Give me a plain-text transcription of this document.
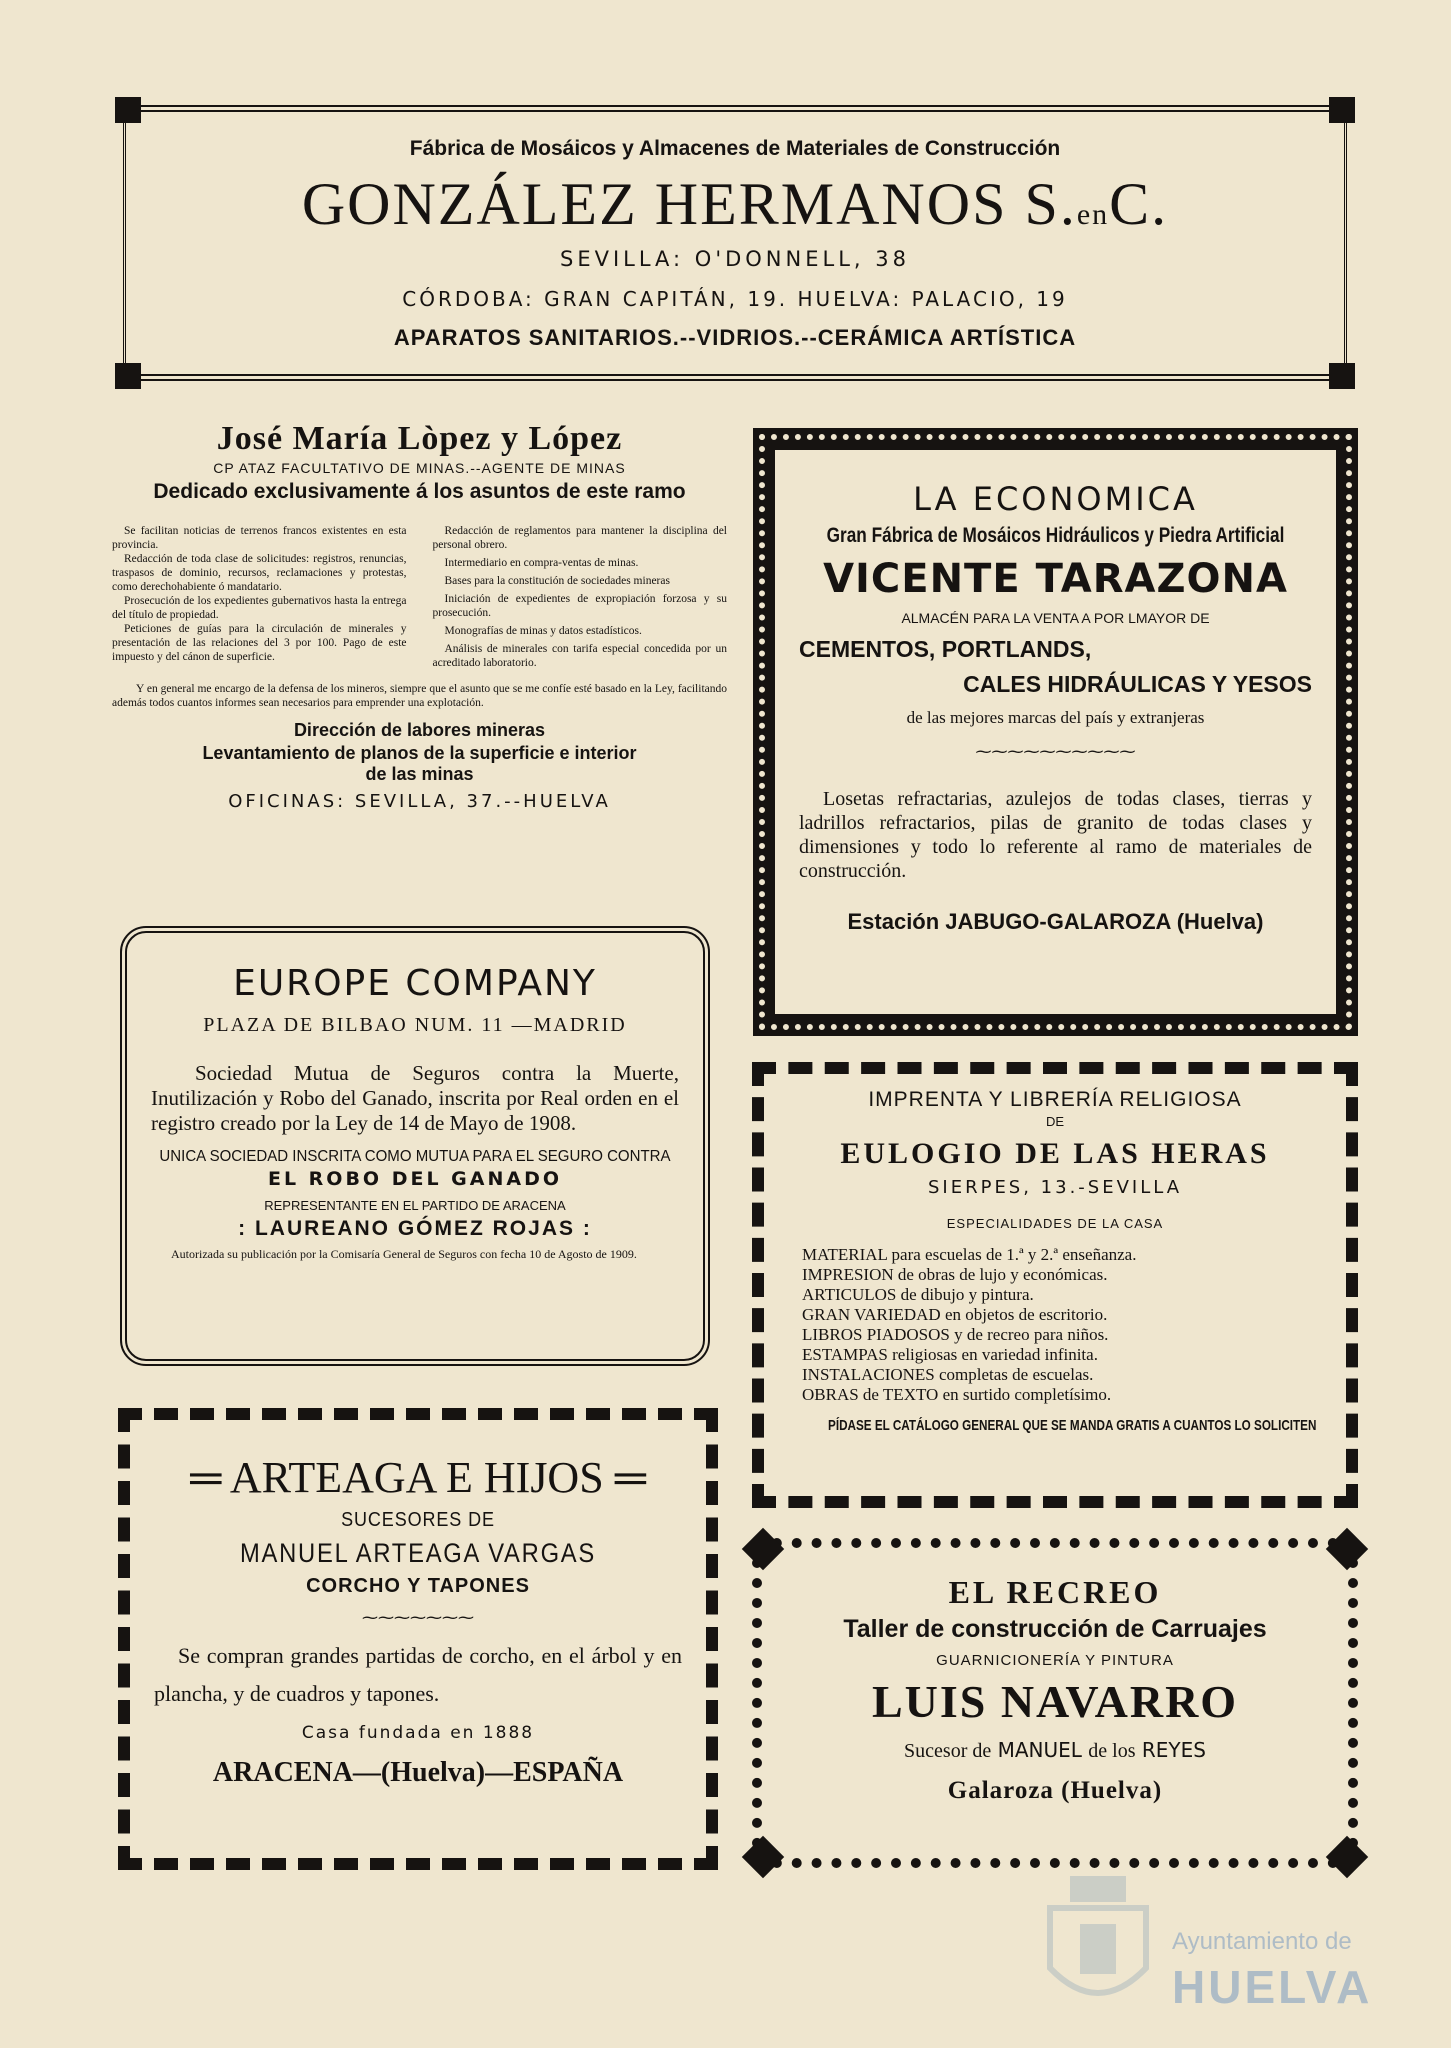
Fábrica de Mosáicos y Almacenes de Materiales de Construcción
GONZÁLEZ HERMANOS S.enC.
SEVILLA: O'DONNELL, 38
CÓRDOBA: GRAN CAPITÁN, 19. HUELVA: PALACIO, 19
APARATOS SANITARIOS.--VIDRIOS.--CERÁMICA ARTÍSTICA
José María Lòpez y López
CP ATAZ FACULTATIVO DE MINAS.--AGENTE DE MINAS
Dedicado exclusivamente á los asuntos de este ramo
Se facilitan noticias de terrenos francos existentes en esta provincia.
Redacción de toda clase de solicitudes: registros, renuncias, traspasos de dominio, recursos, reclamaciones y protestas, como derechohabiente ó mandatario.
Prosecución de los expedientes gubernativos hasta la entrega del título de propiedad.
Peticiones de guías para la circulación de minerales y presentación de las relaciones del 3 por 100. Pago de este impuesto y del cánon de superficie.
Redacción de reglamentos para mantener la disciplina del personal obrero.
Intermediario en compra-ventas de minas.
Bases para la constitución de sociedades mineras
Iniciación de expedientes de expropiación forzosa y su prosecución.
Monografías de minas y datos estadísticos.
Análisis de minerales con tarifa especial concedida por un acreditado laboratorio.
Y en general me encargo de la defensa de los mineros, siempre que el asunto que se me confíe esté basado en la Ley, facilitando además todos cuantos informes sean necesarios para emprender una explotación.
Dirección de labores mineras
Levantamiento de planos de la superficie e interior
de las minas
OFICINAS: SEVILLA, 37.--HUELVA
LA ECONOMICA
Gran Fábrica de Mosáicos Hidráulicos y Piedra Artificial
VICENTE TARAZONA
ALMACÉN PARA LA VENTA A POR LMAYOR DE
CEMENTOS, PORTLANDS,
CALES HIDRÁULICAS Y YESOS
de las mejores marcas del país y extranjeras
⁓⁓⁓⁓⁓⁓⁓⁓⁓⁓
Losetas refractarias, azulejos de todas clases, tierras y ladrillos refractarios, pilas de granito de todas clases y dimensiones y todo lo referente al ramo de materiales de construcción.
Estación JABUGO-GALAROZA (Huelva)
EUROPE COMPANY
PLAZA DE BILBAO NUM. 11 —MADRID
Sociedad Mutua de Seguros contra la Muerte, Inutilización y Robo del Ganado, inscrita por Real orden en el registro creado por la Ley de 14 de Mayo de 1908.
UNICA SOCIEDAD INSCRITA COMO MUTUA PARA EL SEGURO CONTRA
EL ROBO DEL GANADO
REPRESENTANTE EN EL PARTIDO DE ARACENA
: LAUREANO GÓMEZ ROJAS :
Autorizada su publicación por la Comisaría General de Seguros con fecha 10 de Agosto de 1909.
IMPRENTA Y LIBRERÍA RELIGIOSA
DE
EULOGIO DE LAS HERAS
SIERPES, 13.-SEVILLA
ESPECIALIDADES DE LA CASA
MATERIAL para escuelas de 1.ª y 2.ª enseñanza.
IMPRESION de obras de lujo y económicas.
ARTICULOS de dibujo y pintura.
GRAN VARIEDAD en objetos de escritorio.
LIBROS PIADOSOS y de recreo para niños.
ESTAMPAS religiosas en variedad infinita.
INSTALACIONES completas de escuelas.
OBRAS de TEXTO en surtido completísimo.
PÍDASE EL CATÁLOGO GENERAL QUE SE MANDA GRATIS A CUANTOS LO SOLICITEN
═ ARTEAGA E HIJOS ═
SUCESORES DE
MANUEL ARTEAGA VARGAS
CORCHO Y TAPONES
⁓⁓⁓⁓⁓⁓⁓
Se compran grandes partidas de corcho, en el árbol y en plancha, y de cuadros y tapones.
Casa fundada en 1888
ARACENA—(Huelva)—ESPAÑA
EL RECREO
Taller de construcción de Carruajes
GUARNICIONERÍA Y PINTURA
LUIS NAVARRO
Sucesor de MANUEL de los REYES
Galaroza (Huelva)
Ayuntamiento de
HUELVA
